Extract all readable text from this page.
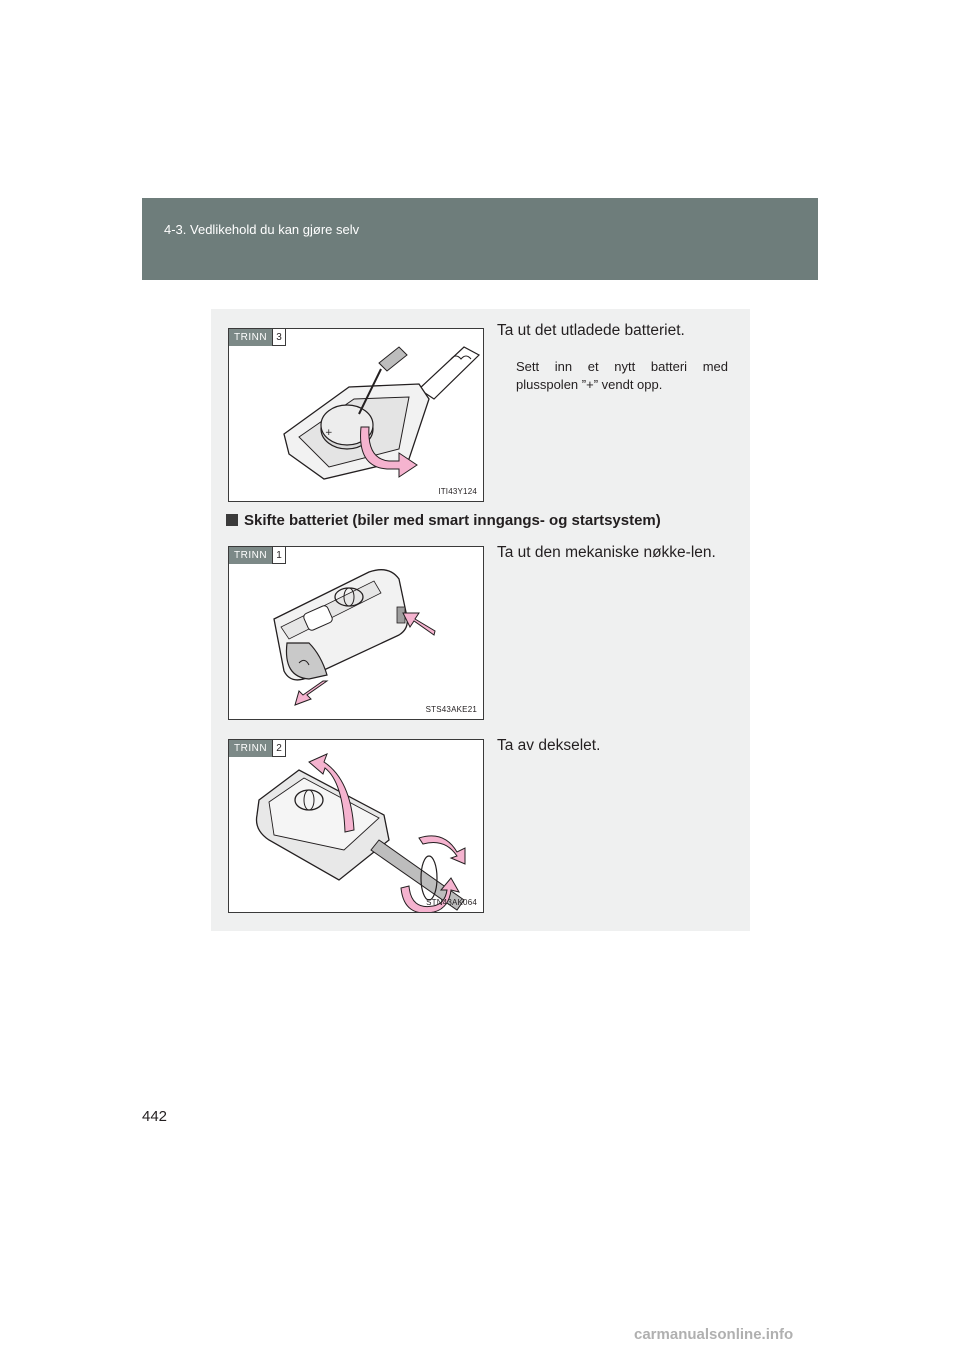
4-3. Vedlikehold du kan gjøre selv
+
TRINN 3
ITI43Y124
Ta ut det utladede batteriet.
Sett inn et nytt batteri med plusspolen ”+” vendt opp.
Skifte batteriet (biler med smart inngangs- og startsystem)
TRINN 1
STS43AKE21
Ta ut den mekaniske nøkke-len.
TRINN 2
STN43AK064
Ta av dekselet.
442
carmanualsonline.info
